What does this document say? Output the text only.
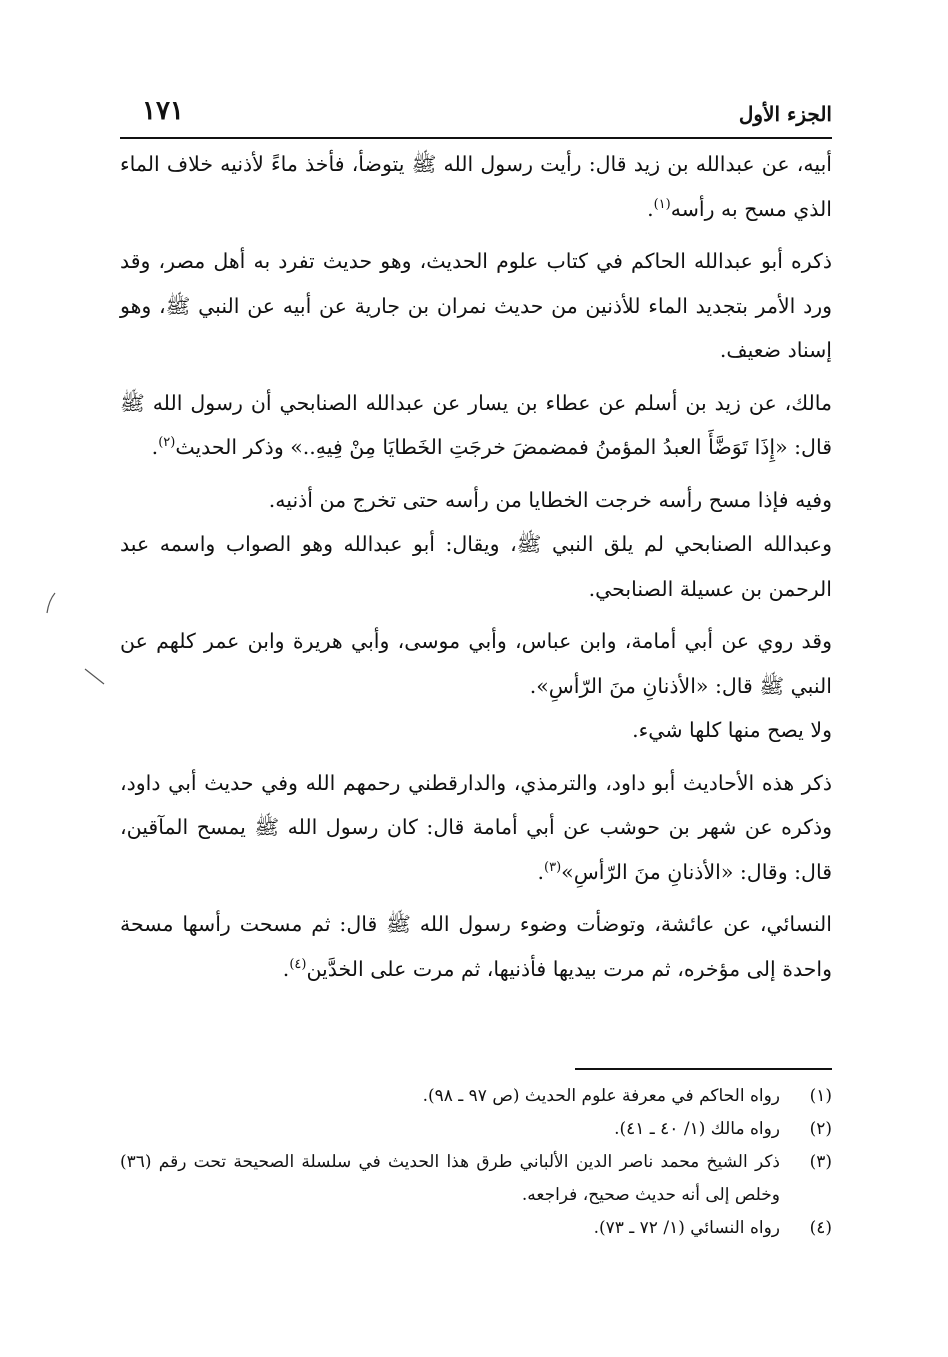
الجزء الأول
١٧١

أبيه، عن عبدالله بن زيد قال: رأيت رسول الله ﷺ يتوضأ، فأخذ ماءً لأذنيه خلاف الماء الذي مسح به رأسه$^{(١)}$.

ذكره أبو عبدالله الحاكم في كتاب علوم الحديث، وهو حديث تفرد به أهل مصر، وقد ورد الأمر بتجديد الماء للأذنين من حديث نمران بن جارية عن أبيه عن النبي ﷺ، وهو إسناد ضعيف.

مالك، عن زيد بن أسلم عن عطاء بن يسار عن عبدالله الصنابحي أن رسول الله ﷺ قال: «إِذَا تَوَضَّأَ العبدُ المؤمنُ فمضمضَ خرجَتِ الخَطايَا مِنْ فِيهِ..» وذكر الحديث$^{(٢)}$.

وفيه فإذا مسح رأسه خرجت الخطايا من رأسه حتى تخرج من أذنيه.

وعبدالله الصنابحي لم يلق النبي ﷺ، ويقال: أبو عبدالله وهو الصواب واسمه عبد الرحمن بن عسيلة الصنابحي.

وقد روي عن أبي أمامة، وابن عباس، وأبي موسى، وأبي هريرة وابن عمر كلهم عن النبي ﷺ قال: «الأذنانِ منَ الرّأسِ».

ولا يصح منها كلها شيء.

ذكر هذه الأحاديث أبو داود، والترمذي، والدارقطني رحمهم الله وفي حديث أبي داود، وذكره عن شهر بن حوشب عن أبي أمامة قال: كان رسول الله ﷺ يمسح المآقين، قال: وقال: «الأذنانِ منَ الرّأسِ»$^{(٣)}$.

النسائي، عن عائشة، وتوضأت وضوء رسول الله ﷺ قال: ثم مسحت رأسها مسحة واحدة إلى مؤخره، ثم مرت بيديها فأذنيها، ثم مرت على الخدَّين$^{(٤)}$.

(١)
رواه الحاكم في معرفة علوم الحديث (ص ٩٧ ـ ٩٨).
(٢)
رواه مالك (١/ ٤٠ ـ ٤١).
(٣)
ذكر الشيخ محمد ناصر الدين الألباني طرق هذا الحديث في سلسلة الصحيحة تحت رقم (٣٦) وخلص إلى أنه حديث صحيح، فراجعه.
(٤)
رواه النسائي (١/ ٧٢ ـ ٧٣).
